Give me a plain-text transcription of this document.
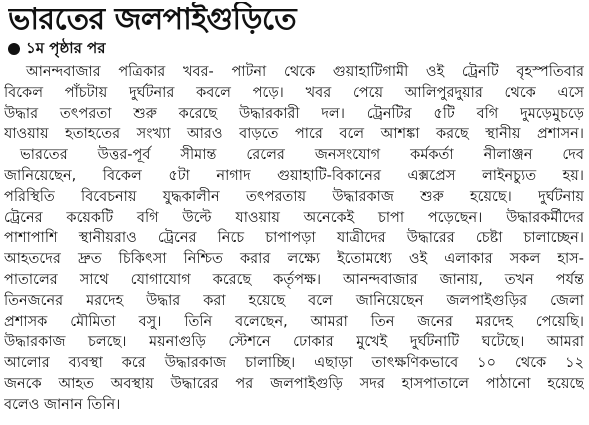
ভারতের জলপাইগুড়িতে
১ম পৃষ্ঠার পর
আনন্দবাজার পত্রিকার খবর- পাটনা থেকে গুয়াহাটিগামী ওই ট্রেনটি বৃহস্পতিবার
বিকেল পাঁচটায় দুর্ঘটনার কবলে পড়ে। খবর পেয়ে আলিপুরদুয়ার থেকে এসে
উদ্ধার তৎপরতা শুরু করেছে উদ্ধারকারী দল। ট্রেনটির ৫টি বগি দুমড়েমুচড়ে
যাওয়ায় হতাহতের সংখ্যা আরও বাড়তে পারে বলে আশঙ্কা করছে স্থানীয় প্রশাসন।
ভারতের উত্তর-পূর্ব সীমান্ত রেলের জনসংযোগ কর্মকর্তা নীলাঞ্জন দেব
জানিয়েছেন, বিকেল ৫টা নাগাদ গুয়াহাটি-বিকানের এক্সপ্রেস লাইনচ্যুত হয়।
পরিস্থিতি বিবেচনায় যুদ্ধকালীন তৎপরতায় উদ্ধারকাজ শুরু হয়েছে। দুর্ঘটনায়
ট্রেনের কয়েকটি বগি উল্টে যাওয়ায় অনেকেই চাপা পড়েছেন। উদ্ধারকর্মীদের
পাশাপাশি স্থানীয়রাও ট্রেনের নিচে চাপাপড়া যাত্রীদের উদ্ধারের চেষ্টা চালাচ্ছেন।
আহতদের দ্রুত চিকিৎসা নিশ্চিত করার লক্ষ্যে ইতোমধ্যে ওই এলাকার সকল হাস-
পাতালের সাথে যোগাযোগ করেছে কর্তৃপক্ষ। আনন্দবাজার জানায়, তখন পর্যন্ত
তিনজনের মরদেহ উদ্ধার করা হয়েছে বলে জানিয়েছেন জলপাইগুড়ির জেলা
প্রশাসক মৌমিতা বসু। তিনি বলেছেন, আমরা তিন জনের মরদেহ পেয়েছি।
উদ্ধারকাজ চলছে। ময়নাগুড়ি স্টেশনে ঢোকার মুখেই দুর্ঘটনাটি ঘটেছে। আমরা
আলোর ব্যবস্থা করে উদ্ধারকাজ চালাচ্ছি। এছাড়া তাৎক্ষণিকভাবে ১০ থেকে ১২
জনকে আহত অবস্থায় উদ্ধারের পর জলপাইগুড়ি সদর হাসপাতালে পাঠানো হয়েছে
বলেও জানান তিনি।
